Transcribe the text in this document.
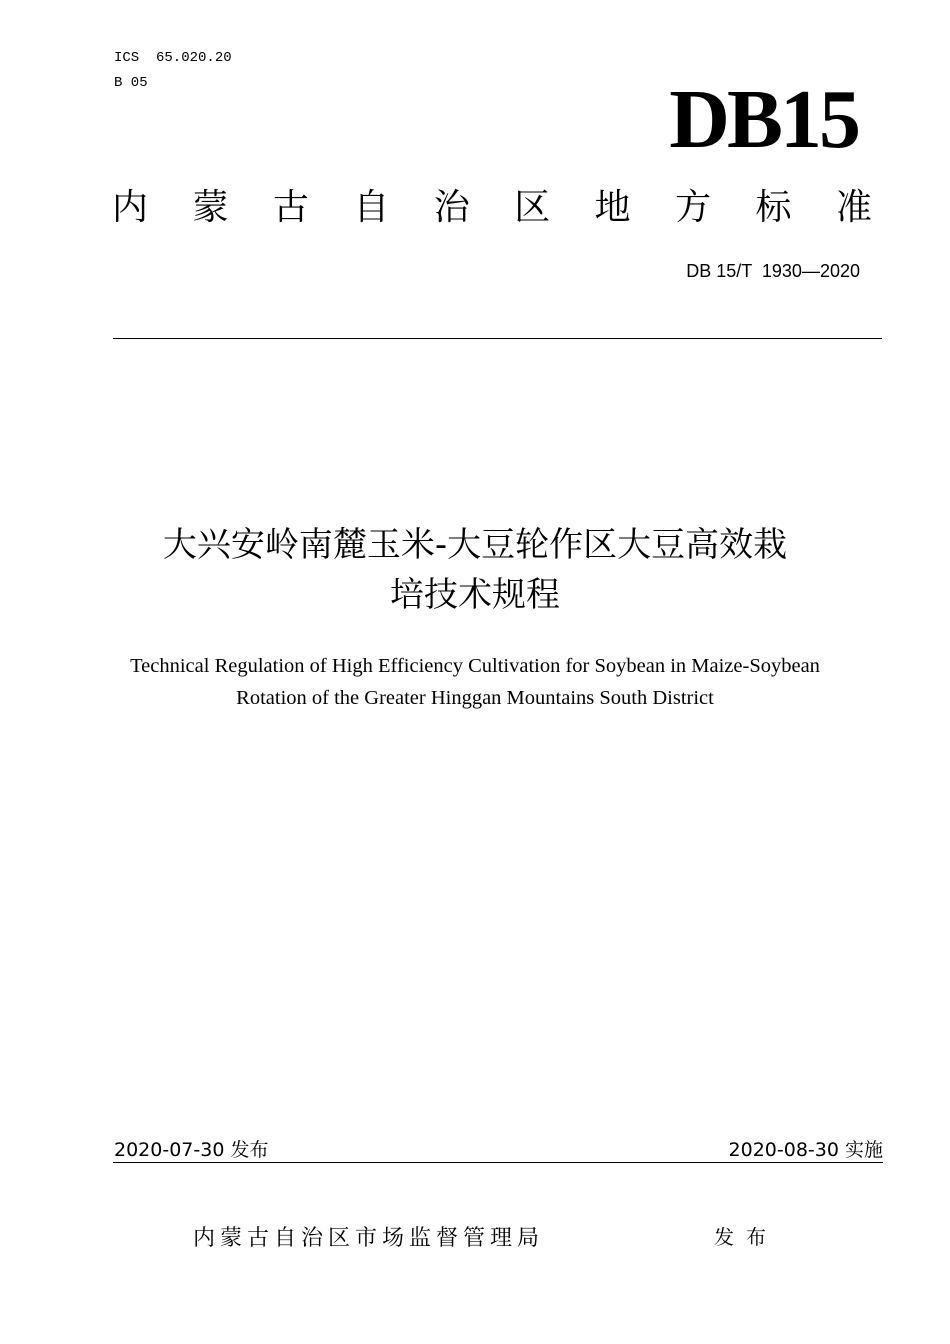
ICS  65.020.20
B 05	DB15
内 蒙 古 自 治 区 地 方 标 准
DB 15/T  1930—2020
大兴安岭南麓玉米-大豆轮作区大豆高效栽
培技术规程
Technical Regulation of High Efficiency Cultivation for Soybean in Maize-Soybean
Rotation of the Greater Hinggan Mountains South District
2020-07-30 发布	2020-08-30 实施
内蒙古自治区市场监督管理局	发布
